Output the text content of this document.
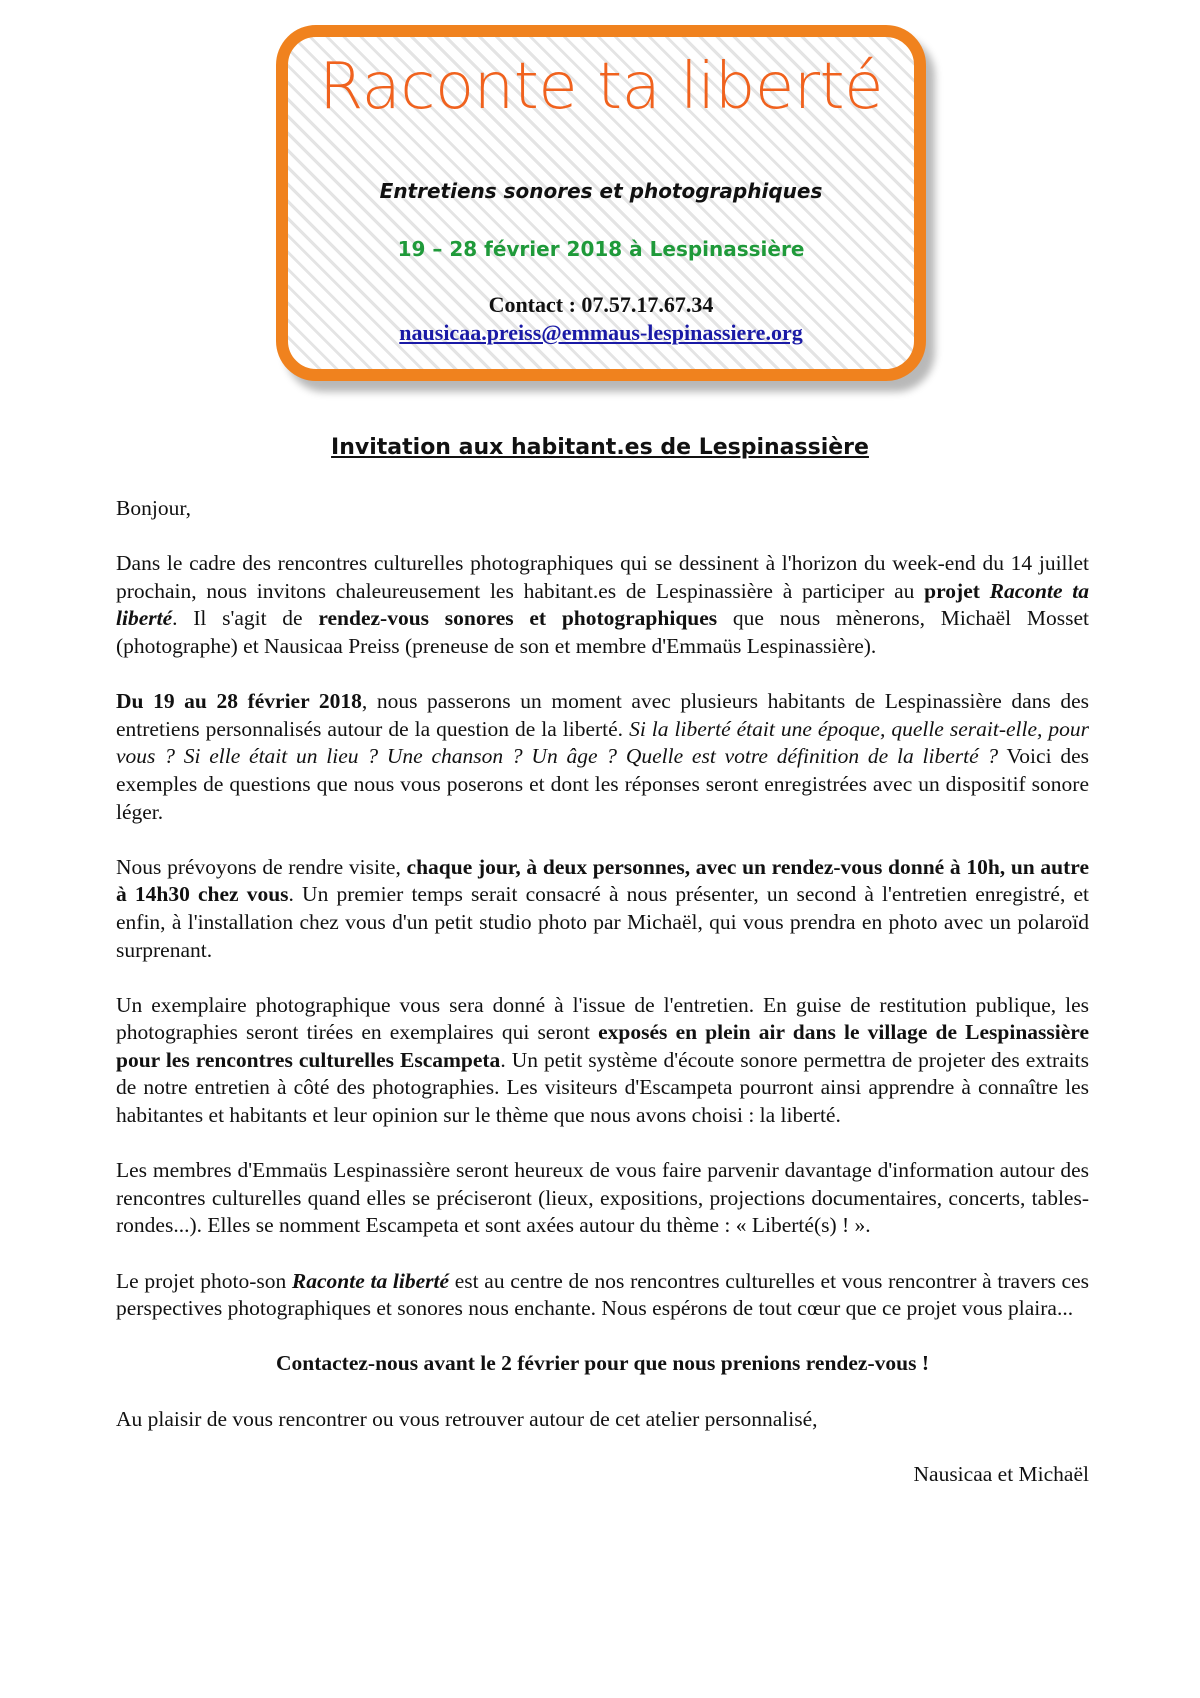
Raconte ta liberté
Entretiens sonores et photographiques
19 – 28 février 2018 à Lespinassière
Contact : 07.57.17.67.34
nausicaa.preiss@emmaus-lespinassiere.org
Invitation aux habitant.es de Lespinassière

Bonjour,

Dans le cadre des rencontres culturelles photographiques qui se dessinent à l'horizon du week-end du 14 juillet prochain, nous invitons chaleureusement les habitant.es de Lespinassière à participer au projet Raconte ta liberté. Il s'agit de rendez-vous sonores et photographiques que nous mènerons, Michaël Mosset (photographe) et Nausicaa Preiss (preneuse de son et membre d'Emmaüs Lespinassière).

Du 19 au 28 février 2018, nous passerons un moment avec plusieurs habitants de Lespinassière dans des entretiens personnalisés autour de la question de la liberté. Si la liberté était une époque, quelle serait-elle, pour vous ? Si elle était un lieu ? Une chanson ? Un âge ? Quelle est votre définition de la liberté ? Voici des exemples de questions que nous vous poserons et dont les réponses seront enregistrées avec un dispositif sonore léger.

Nous prévoyons de rendre visite, chaque jour, à deux personnes, avec un rendez-vous donné à 10h, un autre à 14h30 chez vous. Un premier temps serait consacré à nous présenter, un second à l'entretien enregistré, et enfin, à l'installation chez vous d'un petit studio photo par Michaël, qui vous prendra en photo avec un polaroïd surprenant.

Un exemplaire photographique vous sera donné à l'issue de l'entretien. En guise de restitution publique, les photographies seront tirées en exemplaires qui seront exposés en plein air dans le village de Lespinassière pour les rencontres culturelles Escampeta. Un petit système d'écoute sonore permettra de projeter des extraits de notre entretien à côté des photographies. Les visiteurs d'Escampeta pourront ainsi apprendre à connaître les habitantes et habitants et leur opinion sur le thème que nous avons choisi : la liberté.

Les membres d'Emmaüs Lespinassière seront heureux de vous faire parvenir davantage d'information autour des rencontres culturelles quand elles se préciseront (lieux, expositions, projections documentaires, concerts, tables-rondes...). Elles se nomment Escampeta et sont axées autour du thème : « Liberté(s) ! ».

Le projet photo-son Raconte ta liberté est au centre de nos rencontres culturelles et vous rencontrer à travers ces perspectives photographiques et sonores nous enchante. Nous espérons de tout cœur que ce projet vous plaira...

Contactez-nous avant le 2 février pour que nous prenions rendez-vous !

Au plaisir de vous rencontrer ou vous retrouver autour de cet atelier personnalisé,

Nausicaa et Michaël
